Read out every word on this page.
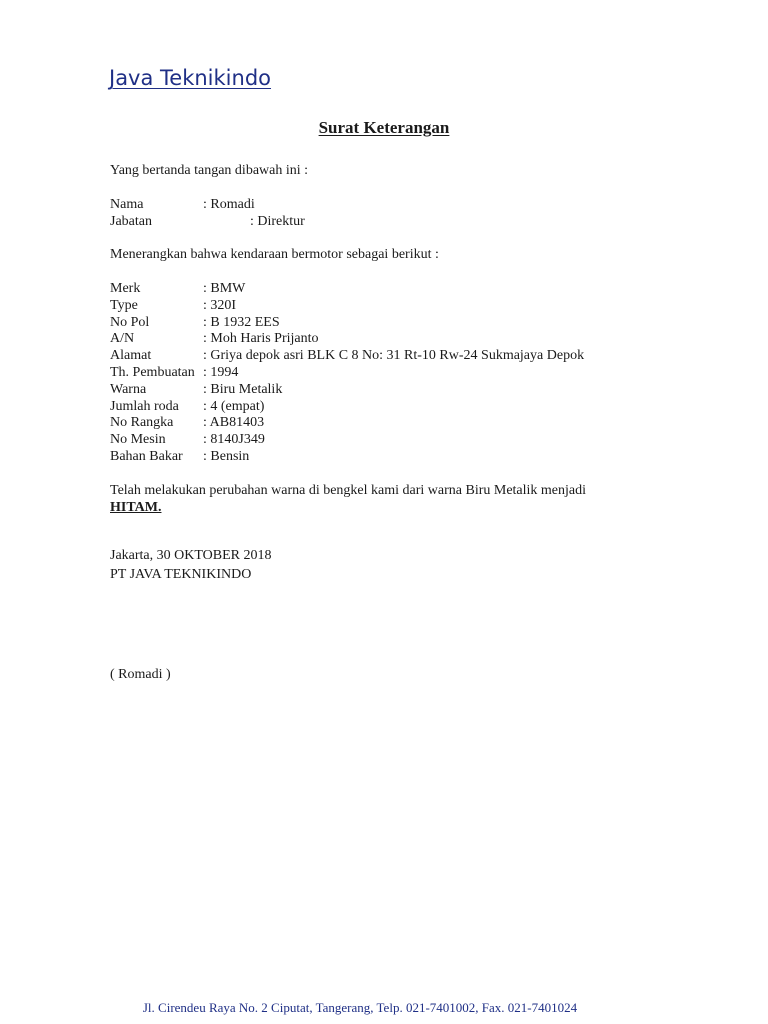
Java Teknikindo
Surat Keterangan
Yang bertanda tangan dibawah ini :
Nama	: Romadi
Jabatan	: Direktur
Menerangkan bahwa kendaraan bermotor sebagai berikut :
Merk	: BMW
Type	: 320I
No Pol	: B 1932 EES
A/N	: Moh Haris Prijanto
Alamat	: Griya depok asri BLK C 8 No: 31 Rt-10 Rw-24 Sukmajaya Depok
Th. Pembuatan : 1994
Warna	: Biru Metalik
Jumlah roda : 4 (empat)
No Rangka : AB81403
No Mesin	: 8140J349
Bahan Bakar : Bensin
Telah melakukan perubahan warna di bengkel kami dari warna Biru Metalik menjadi
HITAM.
Jakarta, 30 OKTOBER 2018
PT JAVA TEKNIKINDO
( Romadi )
Jl. Cirendeu Raya No. 2 Ciputat, Tangerang, Telp. 021-7401002, Fax. 021-7401024
